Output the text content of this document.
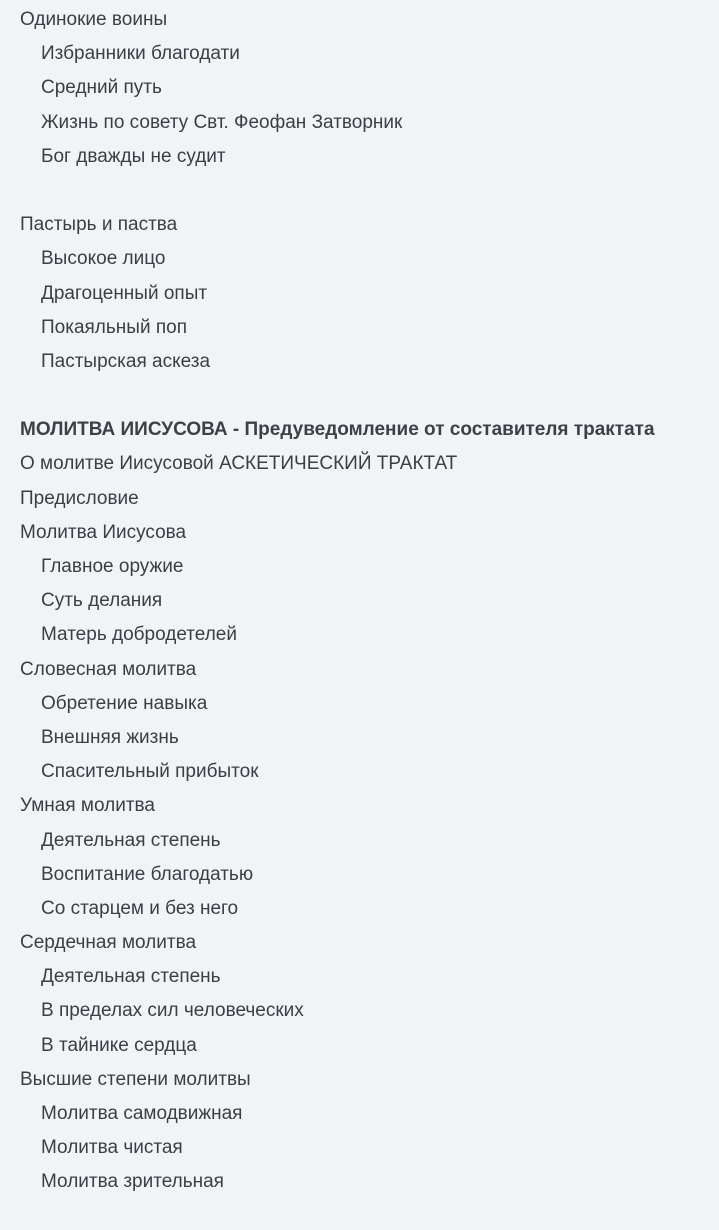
Одинокие воины
Избранники благодати
Средний путь
Жизнь по совету Свт. Феофан Затворник
Бог дважды не судит
Пастырь и паства
Высокое лицо
Драгоценный опыт
Покаяльный поп
Пастырская аскеза
МОЛИТВА ИИСУСОВА - Предуведомление от составителя трактата
О молитве Иисусовой АСКЕТИЧЕСКИЙ ТРАКТАТ
Предисловие
Молитва Иисусова
Главное оружие
Суть делания
Матерь добродетелей
Словесная молитва
Обретение навыка
Внешняя жизнь
Спасительный прибыток
Умная молитва
Деятельная степень
Воспитание благодатью
Со старцем и без него
Сердечная молитва
Деятельная степень
В пределах сил человеческих
В тайнике сердца
Высшие степени молитвы
Молитва самодвижная
Молитва чистая
Молитва зрительная
